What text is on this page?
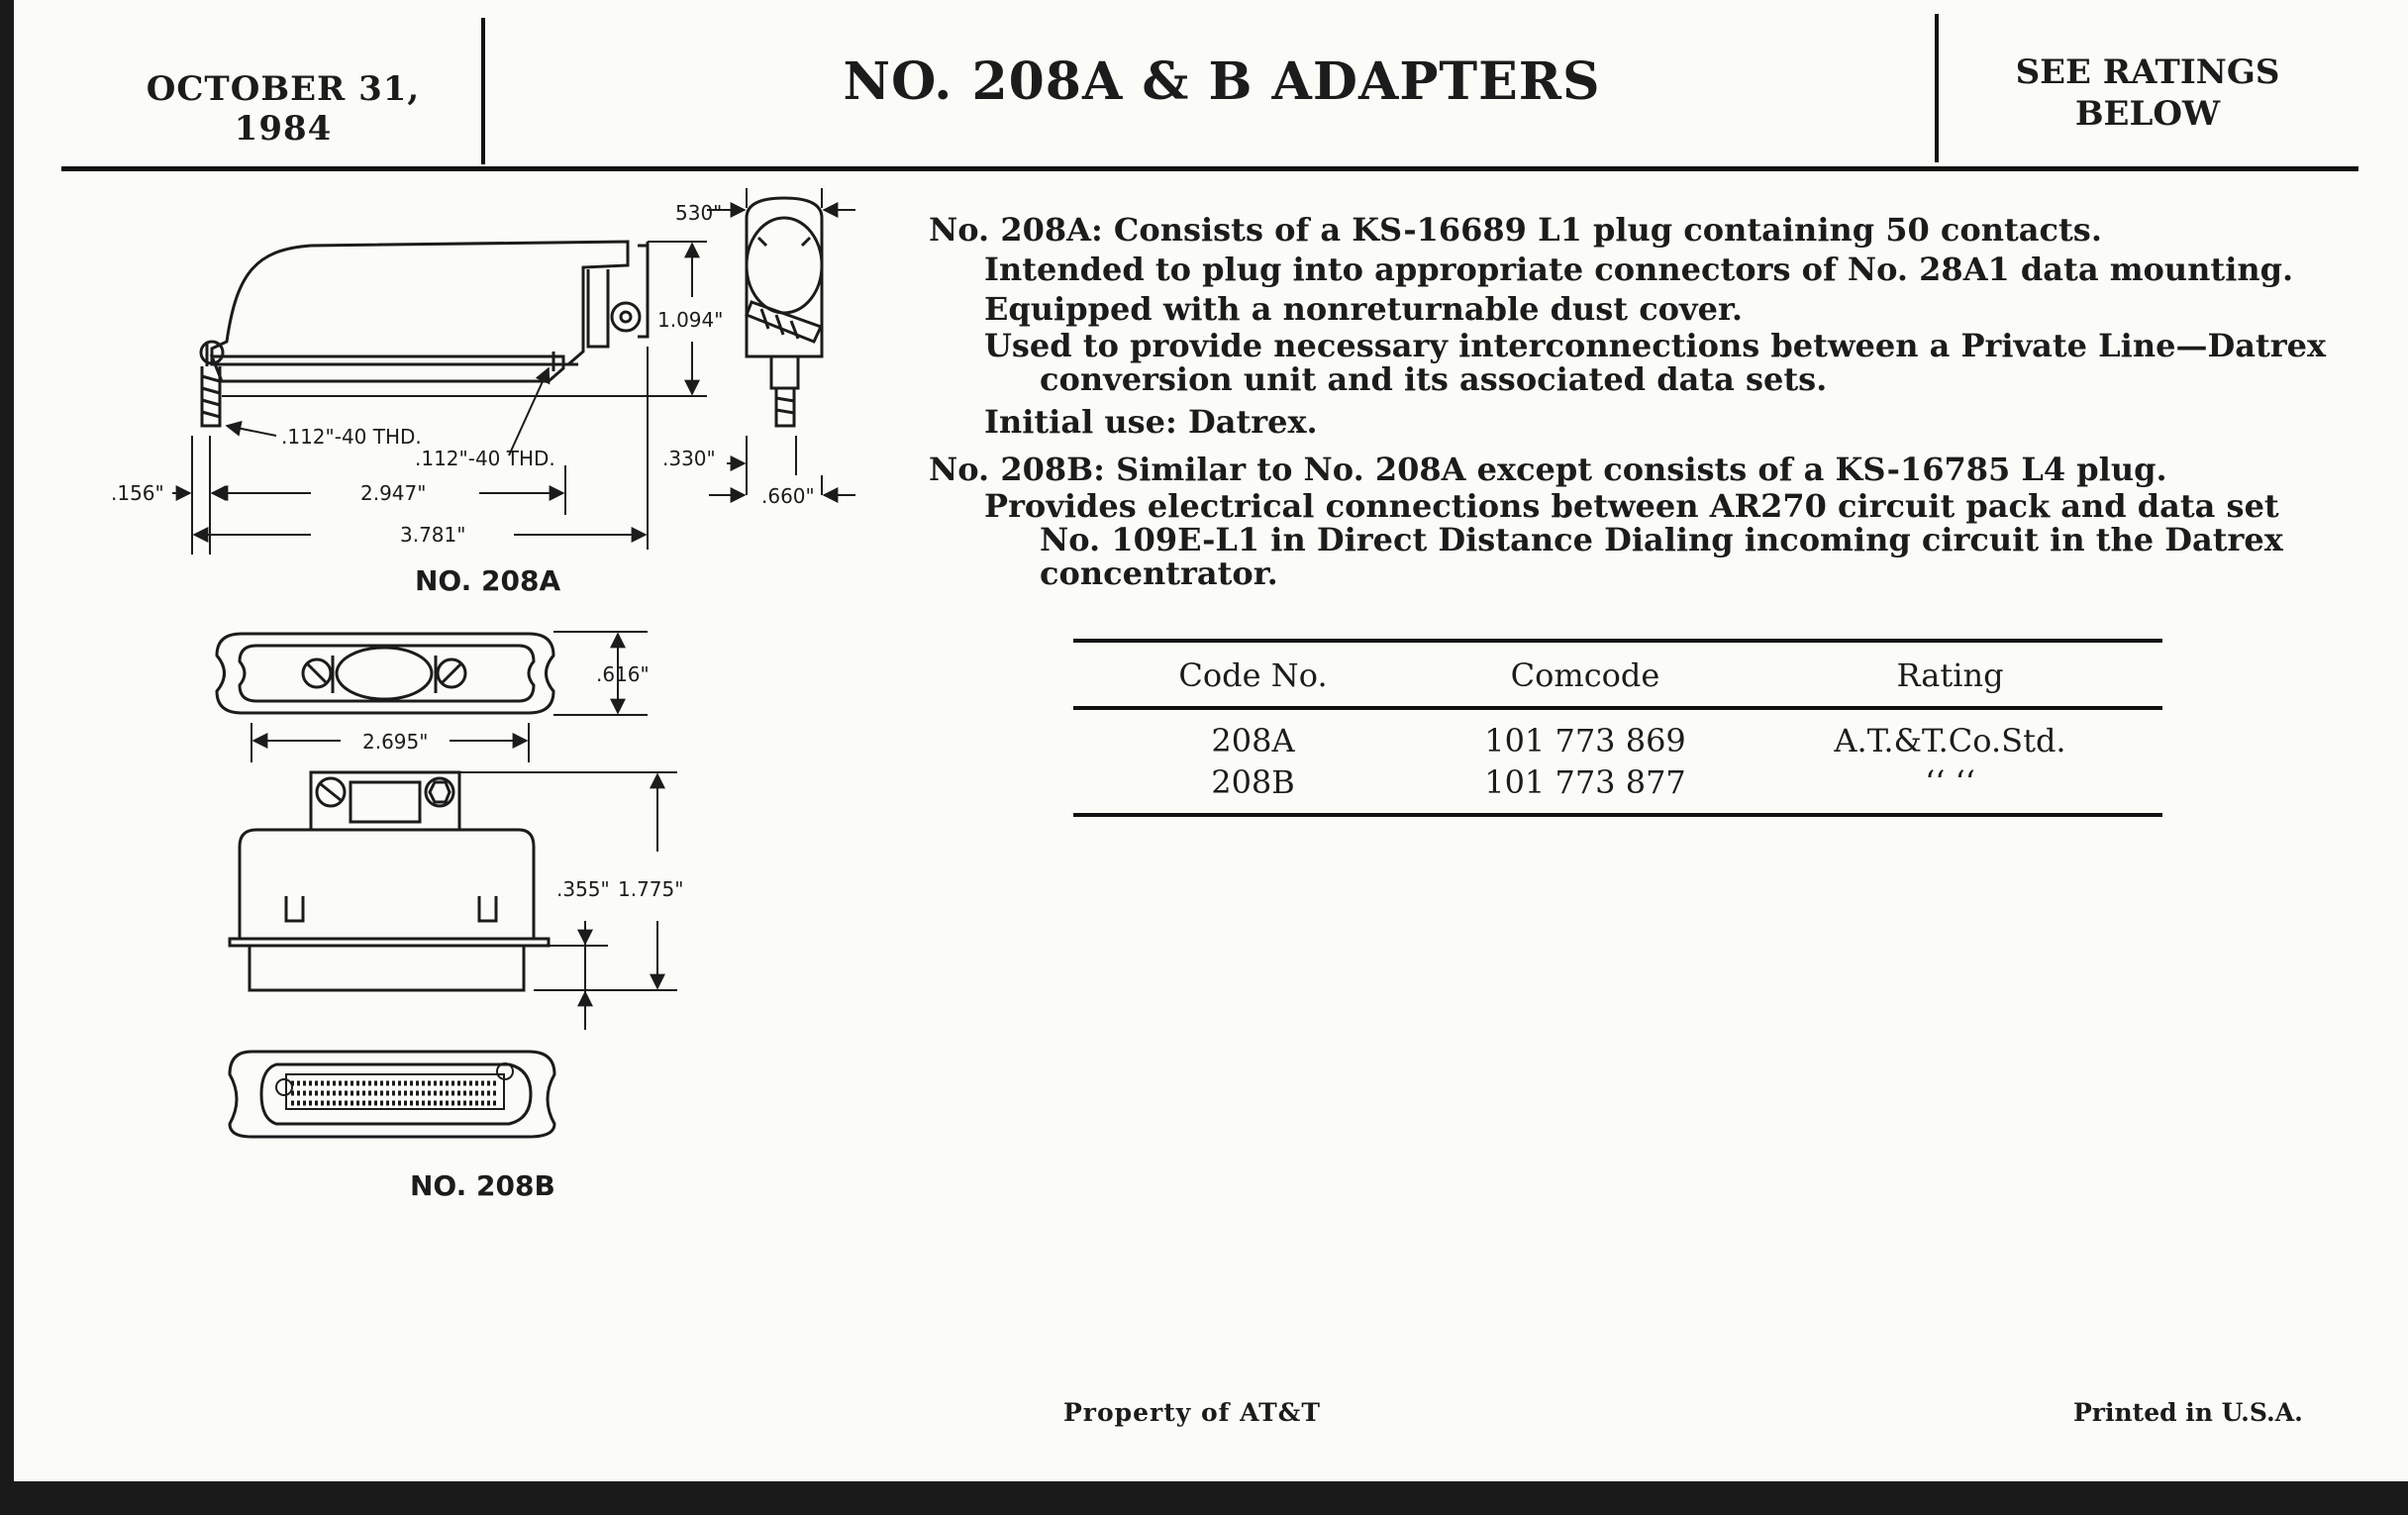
OCTOBER 31, 1984
NO. 208A & B ADAPTERS	SEE RATINGS
BELOW
No. 208A: Consists of a KS-16689 L1 plug containing 50 contacts.
Intended to plug into appropriate connectors of No. 28A1 data mounting.
Equipped with a nonreturnable dust cover.
Used to provide necessary interconnections between a Private Line—Datrex conversion unit and its associated data sets.
Initial use: Datrex.
No. 208B: Similar to No. 208A except consists of a KS-16785 L4 plug.
Provides electrical connections between AR270 circuit pack and data set No. 109E-L1 in Direct Distance Dialing incoming circuit in the Datrex concentrator.
Code No.	Comcode	Rating
208A	101 773 869	A.T.&T.Co.Std.
208B	101 773 877	‘‘ ‘‘
Property of AT&T	Printed in U.S.A.
530"
1.094"
.330"
.660"
.112"-40 THD.
.112"-40 THD.
.156"	2.947"
3.781"
NO. 208A
.616"
2.695"
.355" 1.775"
NO. 208B
